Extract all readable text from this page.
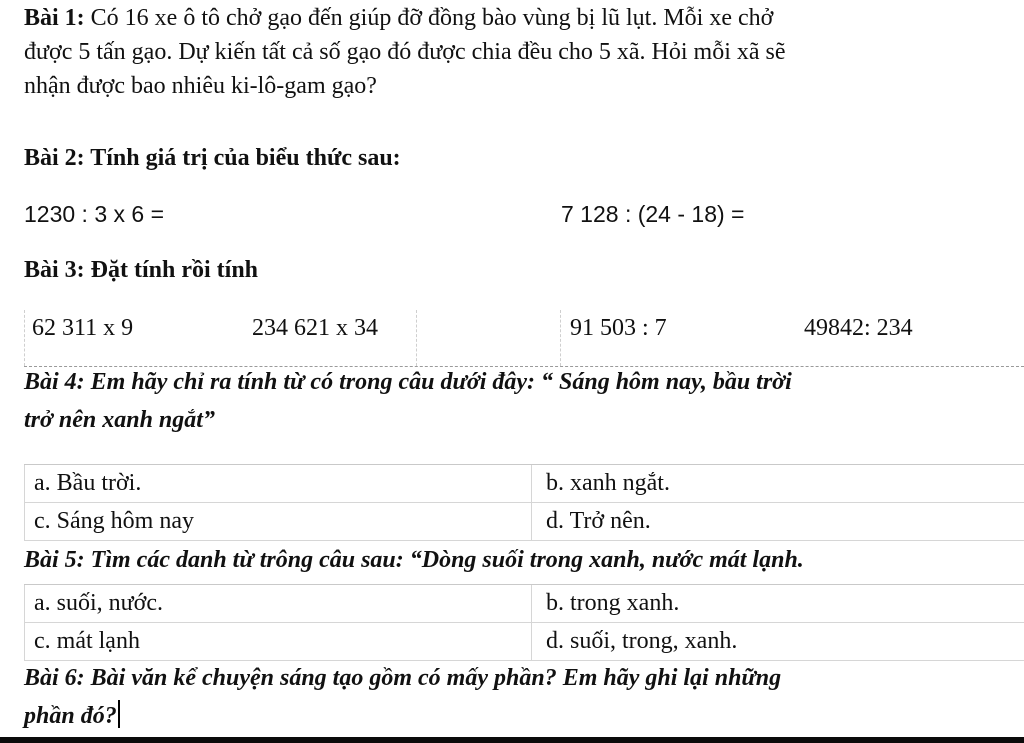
Bài 1: Có 16 xe ô tô chở gạo đến giúp đỡ đồng bào vùng bị lũ lụt. Mỗi xe chở
được 5 tấn gạo. Dự kiến tất cả số gạo đó được chia đều cho 5 xã. Hỏi mỗi xã sẽ
nhận được bao nhiêu ki-lô-gam gạo?

Bài 2: Tính giá trị của biểu thức sau:

1230 : 3 x 6 =	7 128 : (24 - 18) =

Bài 3: Đặt tính rồi tính

62 311 x 9	234 621 x 34	91 503 : 7	49842: 234
Bài 4: Em hãy chỉ ra tính từ có trong câu dưới đây: “ Sáng hôm nay, bầu trời
trở nên xanh ngắt”
a. Bầu trời.	b. xanh ngắt.
c. Sáng hôm nay	d. Trở nên.

Bài 5: Tìm các danh từ trông câu sau: “Dòng suối trong xanh, nước mát lạnh.

a. suối, nước.	b. trong xanh.
c. mát lạnh	d. suối, trong, xanh.
Bài 6: Bài văn kể chuyện sáng tạo gồm có mấy phần? Em hãy ghi lại những
phần đó?
